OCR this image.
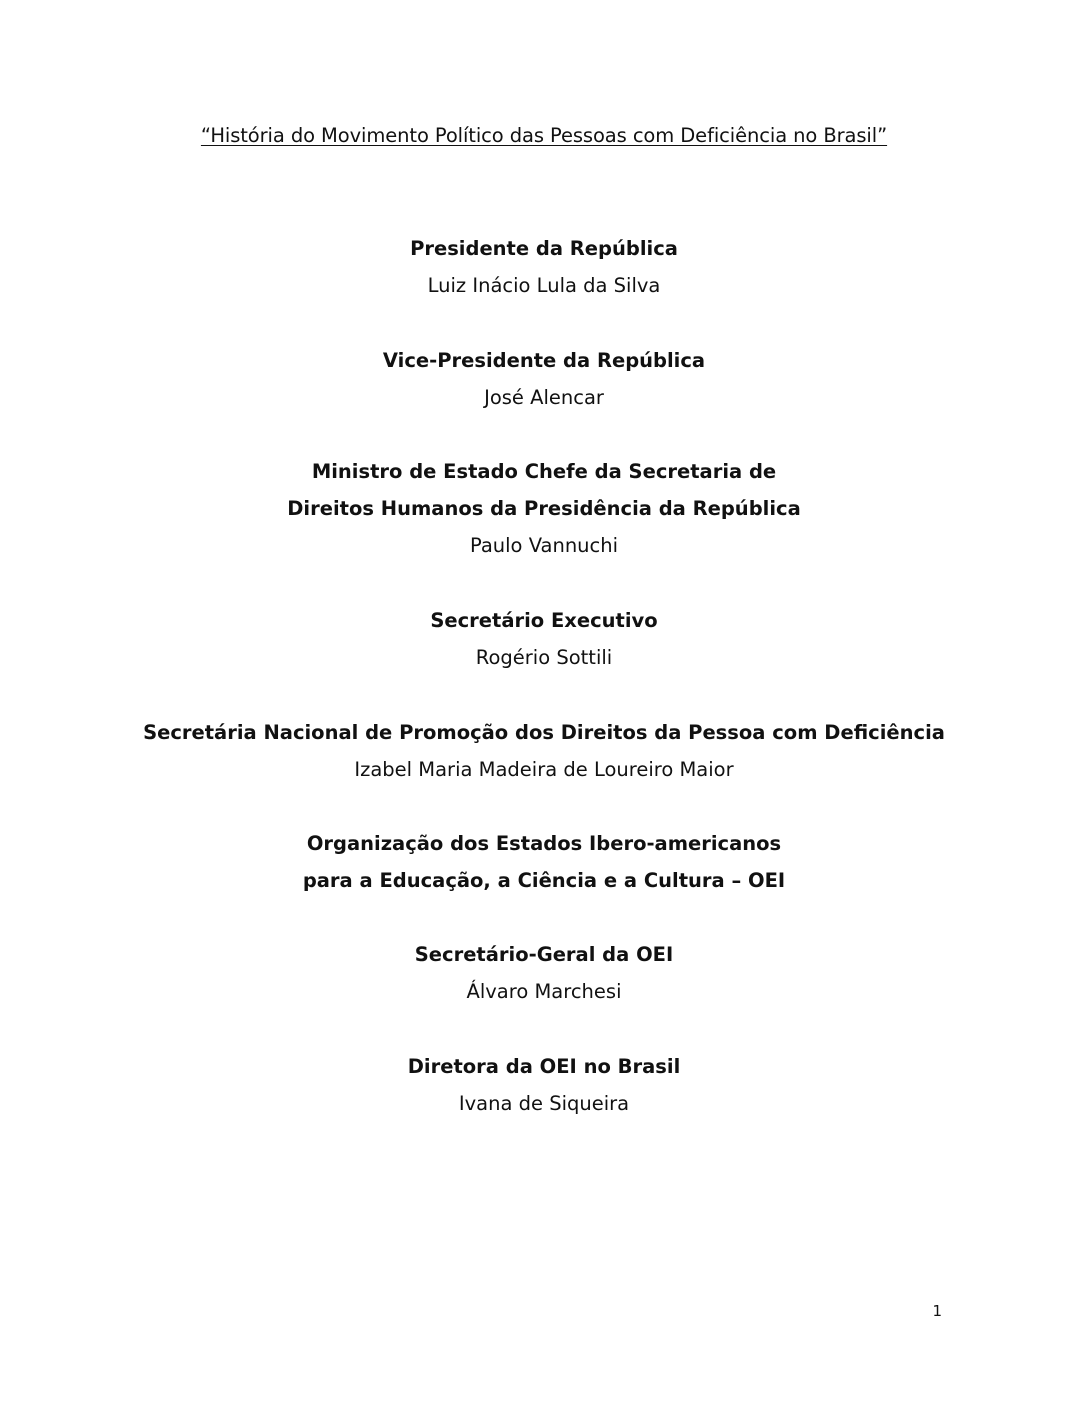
“História do Movimento Político das Pessoas com Deficiência no Brasil”
Presidente da República
Luiz Inácio Lula da Silva
Vice-Presidente da República
José Alencar
Ministro de Estado Chefe da Secretaria de
Direitos Humanos da Presidência da República
Paulo Vannuchi
Secretário Executivo
Rogério Sottili
Secretária Nacional de Promoção dos Direitos da Pessoa com Deficiência
Izabel Maria Madeira de Loureiro Maior
Organização dos Estados Ibero-americanos
para a Educação, a Ciência e a Cultura – OEI
Secretário-Geral da OEI
Álvaro Marchesi
Diretora da OEI no Brasil
Ivana de Siqueira
1
